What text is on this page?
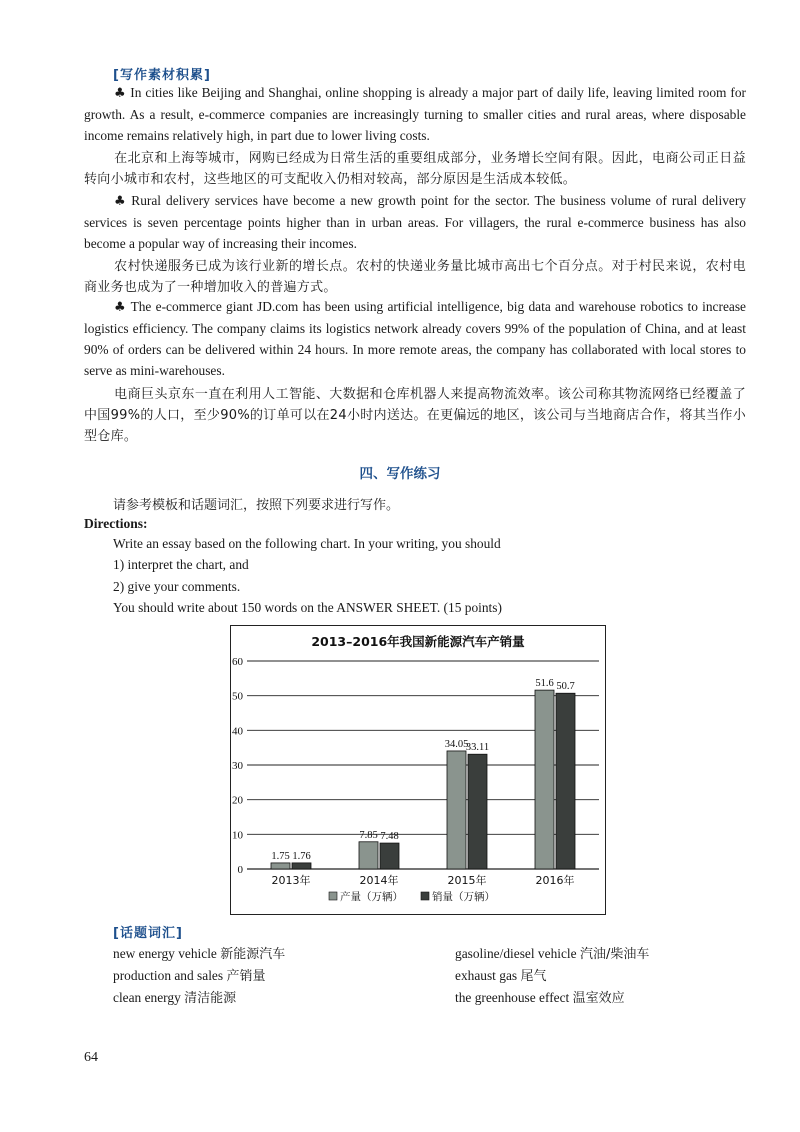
[写作素材积累]
♣ In cities like Beijing and Shanghai, online shopping is already a major part of daily life, leaving limited room for growth. As a result, e-commerce companies are increasingly turning to smaller cities and rural areas, where disposable income remains relatively high, in part due to lower living costs.
在北京和上海等城市，网购已经成为日常生活的重要组成部分，业务增长空间有限。因此，电商公司正日益转向小城市和农村，这些地区的可支配收入仍相对较高，部分原因是生活成本较低。
♣ Rural delivery services have become a new growth point for the sector. The business volume of rural delivery services is seven percentage points higher than in urban areas. For villagers, the rural e-commerce business has also become a popular way of increasing their incomes.
农村快递服务已成为该行业新的增长点。农村的快递业务量比城市高出七个百分点。对于村民来说，农村电商业务也成为了一种增加收入的普遍方式。
♣ The e-commerce giant JD.com has been using artificial intelligence, big data and warehouse robotics to increase logistics efficiency. The company claims its logistics network already covers 99% of the population of China, and at least 90% of orders can be delivered within 24 hours. In more remote areas, the company has collaborated with local stores to serve as mini-warehouses.
电商巨头京东一直在利用人工智能、大数据和仓库机器人来提高物流效率。该公司称其物流网络已经覆盖了中国99%的人口，至少90%的订单可以在24小时内送达。在更偏远的地区，该公司与当地商店合作，将其当作小型仓库。
四、写作练习
请参考模板和话题词汇，按照下列要求进行写作。
Directions:
Write an essay based on the following chart. In your writing, you should
1) interpret the chart, and
2) give your comments.
You should write about 150 words on the ANSWER SHEET. (15 points)
2013–2016年我国新能源汽车产销量
0
10
20
30
40
50
60
1.75 1.76
2013年
7.85 7.48
2014年
34.05
33.11
2015年
51.6 50.7
2016年
产量（万辆）	销量（万辆）
[话题词汇]
new energy vehicle 新能源汽车	gasoline/diesel vehicle 汽油/柴油车
production and sales 产销量	exhaust gas 尾气
clean energy 清洁能源	the greenhouse effect 温室效应
64
